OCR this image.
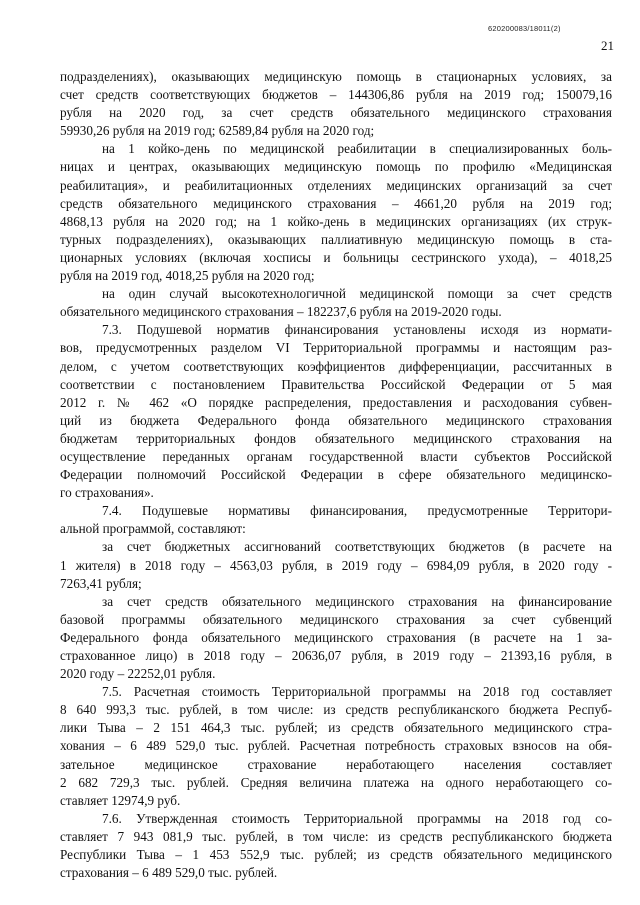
620200083/18011(2)
21
подразделениях), оказывающих медицинскую помощь в стационарных условиях, за
счет средств соответствующих бюджетов – 144306,86 рубля на 2019 год; 150079,16
рубля на 2020 год, за счет средств обязательного медицинского страхования
59930,26 рубля на 2019 год; 62589,84 рубля на 2020 год;
на 1 койко-день по медицинской реабилитации в специализированных боль-
ницах и центрах, оказывающих медицинскую помощь по профилю «Медицинская
реабилитация», и реабилитационных отделениях медицинских организаций за счет
средств обязательного медицинского страхования – 4661,20 рубля на 2019 год;
4868,13 рубля на 2020 год; на 1 койко-день в медицинских организациях (их струк-
турных подразделениях), оказывающих паллиативную медицинскую помощь в ста-
ционарных условиях (включая хосписы и больницы сестринского ухода), – 4018,25
рубля на 2019 год, 4018,25 рубля на 2020 год;
на один случай высокотехнологичной медицинской помощи за счет средств
обязательного медицинского страхования – 182237,6 рубля на 2019-2020 годы.
7.3. Подушевой норматив финансирования установлены исходя из нормати-
вов, предусмотренных разделом VI Территориальной программы и настоящим раз-
делом, с учетом соответствующих коэффициентов дифференциации, рассчитанных в
соответствии с постановлением Правительства Российской Федерации от 5 мая
2012 г. № 462 «О порядке распределения, предоставления и расходования субвен-
ций из бюджета Федерального фонда обязательного медицинского страхования
бюджетам территориальных фондов обязательного медицинского страхования на
осуществление переданных органам государственной власти субъектов Российской
Федерации полномочий Российской Федерации в сфере обязательного медицинско-
го страхования».
7.4. Подушевые нормативы финансирования, предусмотренные Территори-
альной программой, составляют:
за счет бюджетных ассигнований соответствующих бюджетов (в расчете на
1 жителя) в 2018 году – 4563,03 рубля, в 2019 году – 6984,09 рубля, в 2020 году -
7263,41 рубля;
за счет средств обязательного медицинского страхования на финансирование
базовой программы обязательного медицинского страхования за счет субвенций
Федерального фонда обязательного медицинского страхования (в расчете на 1 за-
страхованное лицо) в 2018 году – 20636,07 рубля, в 2019 году – 21393,16 рубля, в
2020 году – 22252,01 рубля.
7.5. Расчетная стоимость Территориальной программы на 2018 год составляет
8 640 993,3 тыс. рублей, в том числе: из средств республиканского бюджета Респуб-
лики Тыва – 2 151 464,3 тыс. рублей; из средств обязательного медицинского стра-
хования – 6 489 529,0 тыс. рублей. Расчетная потребность страховых взносов на обя-
зательное медицинское страхование неработающего населения составляет
2 682 729,3 тыс. рублей. Средняя величина платежа на одного неработающего со-
ставляет 12974,9 руб.
7.6. Утвержденная стоимость Территориальной программы на 2018 год со-
ставляет 7 943 081,9 тыс. рублей, в том числе: из средств республиканского бюджета
Республики Тыва – 1 453 552,9 тыс. рублей; из средств обязательного медицинского
страхования – 6 489 529,0 тыс. рублей.
